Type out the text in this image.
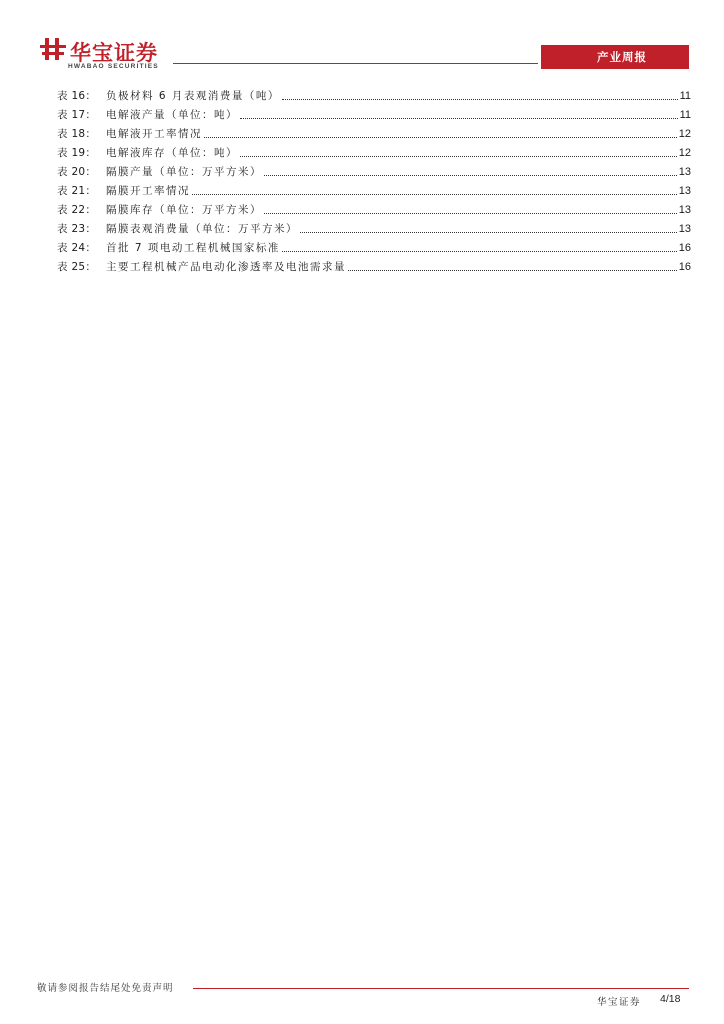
华宝证券
HWABAO SECURITIES
产业周报
表 16： 负极材料 6 月表观消费量（吨）	11
表 17： 电解液产量（单位：吨）	11
表 18： 电解液开工率情况	12
表 19： 电解液库存（单位：吨）	12
表 20： 隔膜产量（单位：万平方米）	13
表 21： 隔膜开工率情况	13
表 22： 隔膜库存（单位：万平方米）	13
表 23： 隔膜表观消费量（单位：万平方米）	13
表 24： 首批 7 项电动工程机械国家标准	16
表 25： 主要工程机械产品电动化渗透率及电池需求量	16
敬请参阅报告结尾处免责声明
华宝证券 4/18
